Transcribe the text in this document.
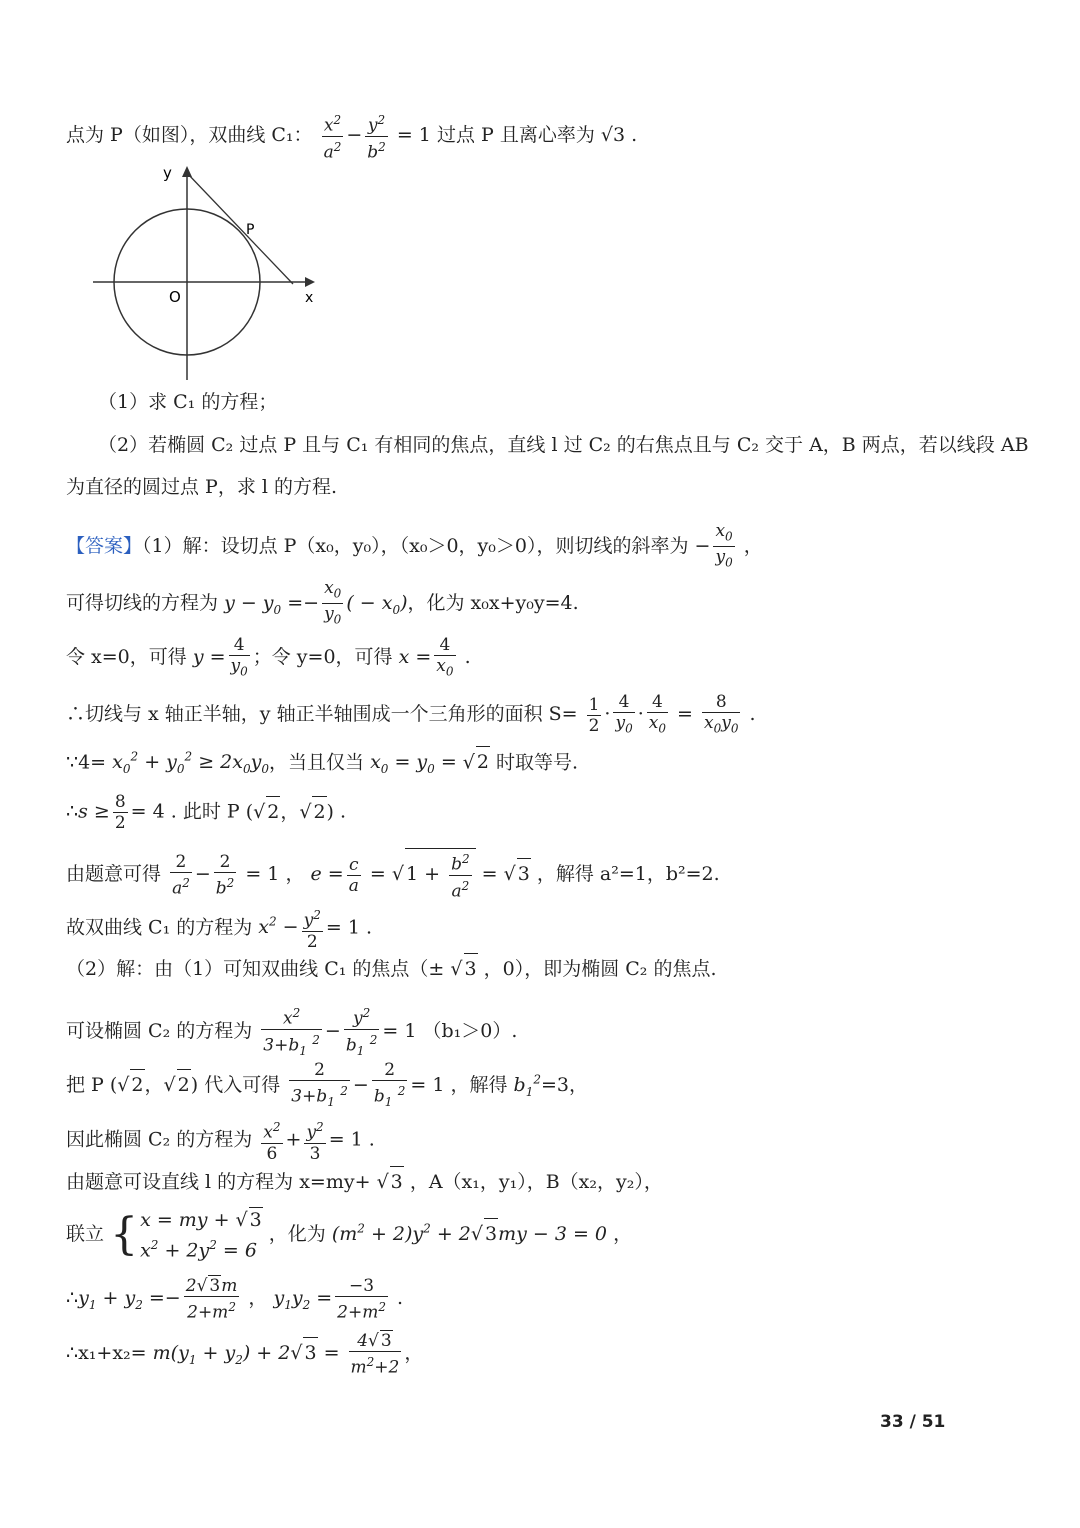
点为 P（如图），双曲线 C₁： $\frac{x^2}{a^2} - \frac{y^2}{b^2} = 1$ 过点 P 且离心率为 √3 .
y
x
O
P
（1）求 C₁ 的方程；
（2）若椭圆 C₂ 过点 P 且与 C₁ 有相同的焦点，直线 l 过 C₂ 的右焦点且与 C₂ 交于 A，B 两点，若以线段 AB
为直径的圆过点 P，求 l 的方程.
【答案】（1）解：设切点 P（x₀，y₀），（x₀＞0，y₀＞0），则切线的斜率为 − $\frac{x_0}{y_0}$ ，
可得切线的方程为 $y - y_0 =- \frac{x_0}{y_0}$ ( − $x_0$)，化为 x₀x+y₀y=4.
令 x=0，可得 $y = \frac{4}{y_0}$ ；令 y=0，可得 $x = \frac{4}{x_0}$ .
∴切线与 x 轴正半轴，y 轴正半轴围成一个三角形的面积 $S= \frac{1}{2} \cdot \frac{4}{y_0} \cdot \frac{4}{x_0} = \frac{8}{x_0y_0}$ .
∵4= $x_0^2 + y_0^2 \ge 2x_0y_0$，当且仅当 $x_0 = y_0$ = √ 2 时取等号.
∴s ≥ $\frac{8}{2} = 4$ . 此时 P (√ 2，√ 2) .
由题意可得 $\frac{2}{a^2} - \frac{2}{b^2} = 1$ ， $e = \frac{c}{a}$ = √ $1 + \frac{b^2}{a^2}$ = √ 3 ，解得 a²=1，b²=2.
故双曲线 C₁ 的方程为 $x^2 - \frac{y^2}{2} = 1$ .
（2）解：由（1）可知双曲线 C₁ 的焦点（± √ 3 ，0），即为椭圆 C₂ 的焦点.
可设椭圆 C₂ 的方程为 $\frac{x^2}{3+b_1 ^2} - \frac{y^2}{b_1 ^2} = 1$ （b₁＞0）.
把 P (√ 2，√ 2) 代入可得 $\frac{2}{3+b_1 ^2} - \frac{2}{b_1 ^2} = 1$ ，解得 $b_1^2=3$，
因此椭圆 C₂ 的方程为 $\frac{x^2}{6} + \frac{y^2}{3} = 1$ .
由题意可设直线 l 的方程为 x=my+ √ 3 ，A（x₁，y₁），B（x₂，y₂），
联立 { x = my + √ 3
$x^2 + 2y^2 = 6$
，化为 $(m^2 + 2)y^2 + 2√$ 3my − 3 = 0 ，
$\therefore y_1 + y_2 =- \frac{2√ 3m}{2+m^2}$ ， $y_1y_2 = \frac{-3}{2+m^2}$ .
∴x₁+x₂= $m(y_1 + y_2) + 2√$ $3 = \frac{4√ 3}{m^2+2}$ ，
33 / 51
